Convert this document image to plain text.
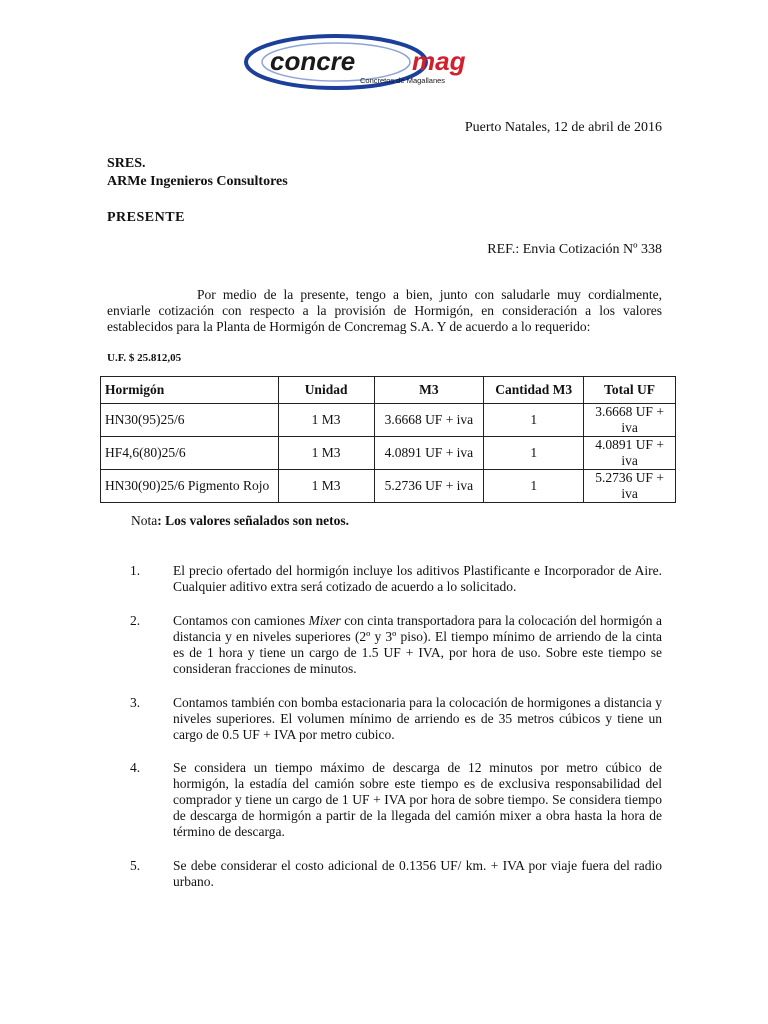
concre mag
Concretos de Magallanes
Puerto Natales, 12 de abril de 2016
SRES.
ARMe Ingenieros Consultores
PRESENTE
REF.: Envia Cotización Nº 338
Por medio de la presente, tengo a bien, junto con saludarle muy cordialmente, enviarle cotización con respecto a la provisión de Hormigón, en consideración a los valores establecidos para la Planta de Hormigón de Concremag S.A. Y de acuerdo a lo requerido:
U.F. $ 25.812,05
Hormigón	Unidad	M3	Cantidad M3	Total UF
HN30(95)25/6	1 M3	3.6668 UF + iva	1	3.6668 UF + iva
HF4,6(80)25/6	1 M3	4.0891 UF + iva	1	4.0891 UF + iva
HN30(90)25/6 Pigmento Rojo	1 M3	5.2736 UF + iva	1	5.2736 UF + iva
Nota: Los valores señalados son netos.
1.	El precio ofertado del hormigón incluye los aditivos Plastificante e Incorporador de Aire. Cualquier aditivo extra será cotizado de acuerdo a lo solicitado.
2.	Contamos con camiones Mixer con cinta transportadora para la colocación del hormigón a distancia y en niveles superiores (2º y 3º piso). El tiempo mínimo de arriendo de la cinta es de 1 hora y tiene un cargo de 1.5 UF + IVA, por hora de uso. Sobre este tiempo se consideran fracciones de minutos.
3.	Contamos también con bomba estacionaria para la colocación de hormigones a distancia y niveles superiores. El volumen mínimo de arriendo es de 35 metros cúbicos y tiene un cargo de 0.5 UF + IVA por metro cubico.
4.	Se considera un tiempo máximo de descarga de 12 minutos por metro cúbico de hormigón, la estadía del camión sobre este tiempo es de exclusiva responsabilidad del comprador y tiene un cargo de 1 UF + IVA por hora de sobre tiempo. Se considera tiempo de descarga de hormigón a partir de la llegada del camión mixer a obra hasta la hora de término de descarga.
5.	Se debe considerar el costo adicional de 0.1356 UF/ km. + IVA por viaje fuera del radio urbano.
